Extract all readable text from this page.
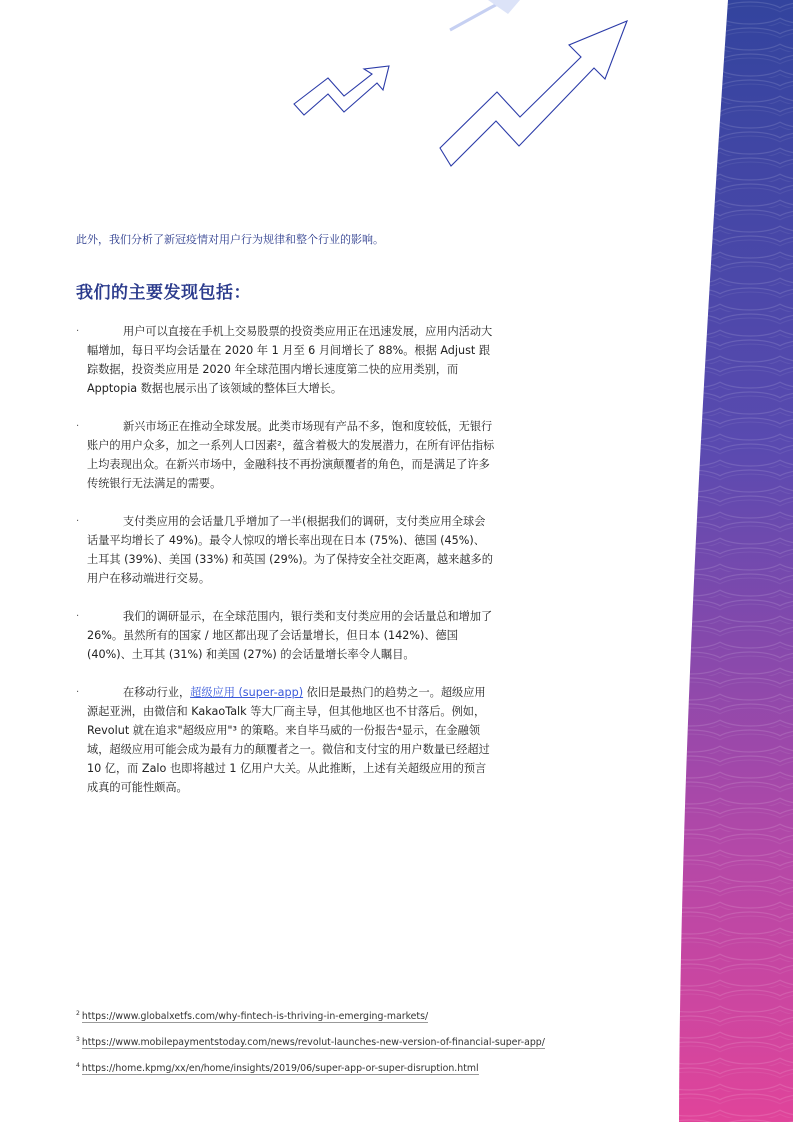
此外，我们分析了新冠疫情对用户行为规律和整个行业的影响。

我们的主要发现包括：
·	用户可以直接在手机上交易股票的投资类应用正在迅速发展，应用内活动大幅增加，每日平均会话量在 2020 年 1 月至 6 月间增长了 88%。根据 Adjust 跟踪数据，投资类应用是 2020 年全球范围内增长速度第二快的应用类别，而 Apptopia 数据也展示出了该领域的整体巨大增长。
·	新兴市场正在推动全球发展。此类市场现有产品不多，饱和度较低，无银行账户的用户众多，加之一系列人口因素²，蕴含着极大的发展潜力，在所有评估指标上均表现出众。在新兴市场中，金融科技不再扮演颠覆者的角色，而是满足了许多传统银行无法满足的需要。
·	支付类应用的会话量几乎增加了一半(根据我们的调研，支付类应用全球会话量平均增长了 49%)。最令人惊叹的增长率出现在日本 (75%)、德国 (45%)、土耳其 (39%)、美国 (33%) 和英国 (29%)。为了保持安全社交距离，越来越多的用户在移动端进行交易。
·	我们的调研显示，在全球范围内，银行类和支付类应用的会话量总和增加了 26%。虽然所有的国家 / 地区都出现了会话量增长，但日本 (142%)、德国 (40%)、土耳其 (31%) 和美国 (27%) 的会话量增长率令人瞩目。
·	在移动行业，超级应用 (super-app) 依旧是最热门的趋势之一。超级应用源起亚洲，由微信和 KakaoTalk 等大厂商主导，但其他地区也不甘落后。例如，Revolut 就在追求"超级应用"³ 的策略。来自毕马威的一份报告⁴显示，在金融领域，超级应用可能会成为最有力的颠覆者之一。微信和支付宝的用户数量已经超过 10 亿，而 Zalo 也即将越过 1 亿用户大关。从此推断，上述有关超级应用的预言成真的可能性颇高。
$^2$ https://www.globalxetfs.com/why-fintech-is-thriving-in-emerging-markets/
$^3$ https://www.mobilepaymentstoday.com/news/revolut-launches-new-version-of-financial-super-app/
$^4$ https://home.kpmg/xx/en/home/insights/2019/06/super-app-or-super-disruption.html
